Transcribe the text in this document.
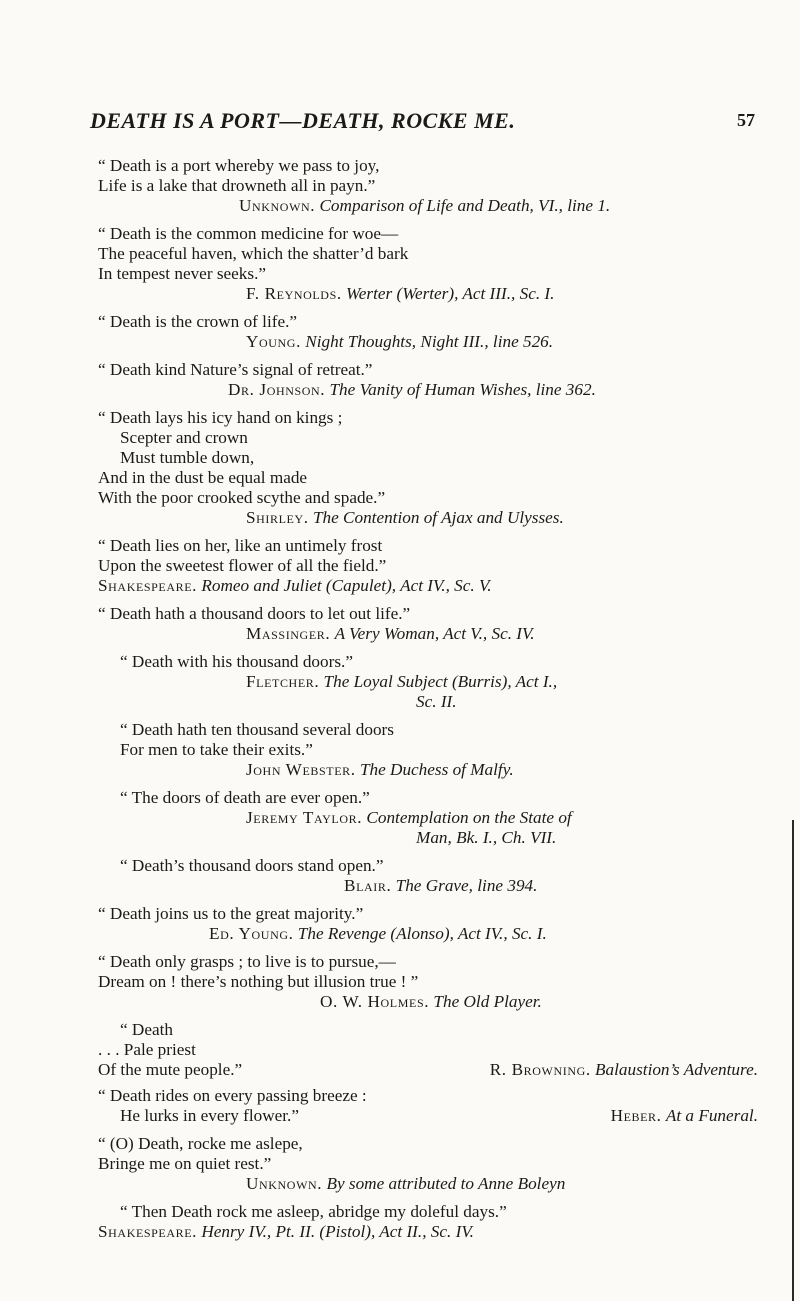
DEATH IS A PORT—DEATH, ROCKE ME.	57
“ Death is a port whereby we pass to joy,
Life is a lake that drowneth all in payn.”
Unknown. Comparison of Life and Death, VI., line 1.
“ Death is the common medicine for woe—
The peaceful haven, which the shatter’d bark
In tempest never seeks.”
F. Reynolds. Werter (Werter), Act III., Sc. I.
“ Death is the crown of life.”
Young. Night Thoughts, Night III., line 526.
“ Death kind Nature’s signal of retreat.”
Dr. Johnson. The Vanity of Human Wishes, line 362.
“ Death lays his icy hand on kings ;
Scepter and crown
Must tumble down,
And in the dust be equal made
With the poor crooked scythe and spade.”
Shirley. The Contention of Ajax and Ulysses.
“ Death lies on her, like an untimely frost
Upon the sweetest flower of all the field.”
Shakespeare. Romeo and Juliet (Capulet), Act IV., Sc. V.
“ Death hath a thousand doors to let out life.”
Massinger. A Very Woman, Act V., Sc. IV.
“ Death with his thousand doors.”
Fletcher. The Loyal Subject (Burris), Act I.,
Sc. II.
“ Death hath ten thousand several doors
For men to take their exits.”
John Webster. The Duchess of Malfy.
“ The doors of death are ever open.”
Jeremy Taylor. Contemplation on the State of
Man, Bk. I., Ch. VII.
“ Death’s thousand doors stand open.”
Blair. The Grave, line 394.
“ Death joins us to the great majority.”
Ed. Young. The Revenge (Alonso), Act IV., Sc. I.
“ Death only grasps ; to live is to pursue,—
Dream on ! there’s nothing but illusion true ! ”
O. W. Holmes. The Old Player.
“ Death
. . . Pale priest
Of the mute people.”	R. Browning. Balaustion’s Adventure.
“ Death rides on every passing breeze :
He lurks in every flower.”	Heber. At a Funeral.
“ (O) Death, rocke me aslepe,
Bringe me on quiet rest.”
Unknown. By some attributed to Anne Boleyn
“ Then Death rock me asleep, abridge my doleful days.”
Shakespeare. Henry IV., Pt. II. (Pistol), Act II., Sc. IV.
